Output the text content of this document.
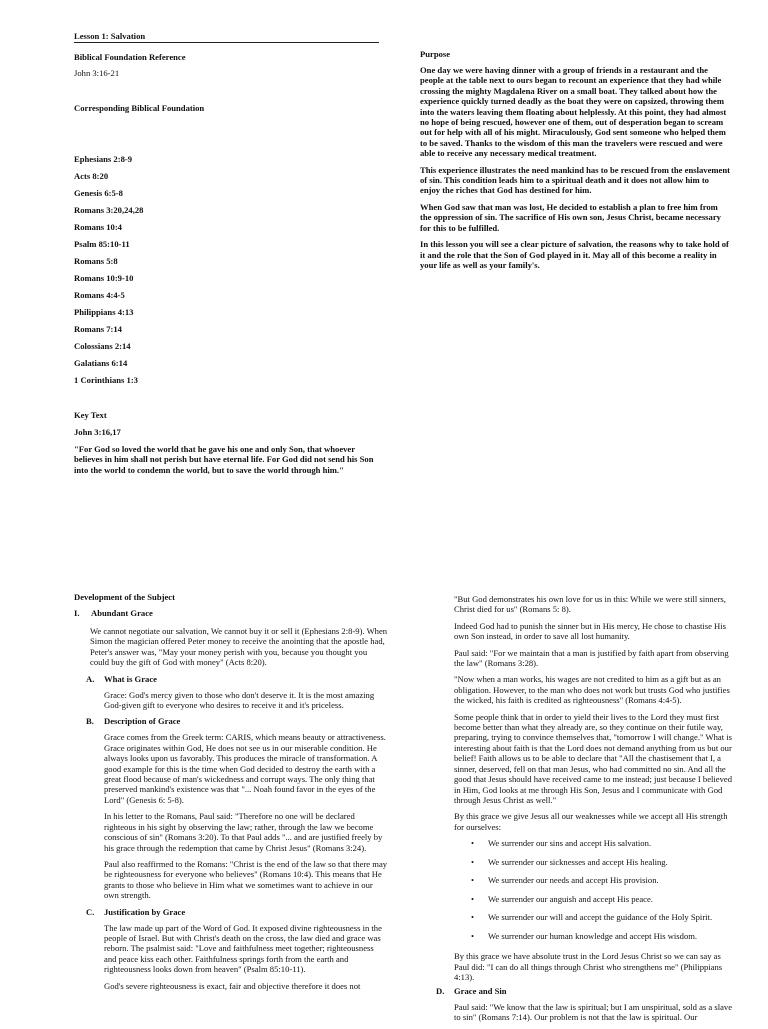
Lesson 1: Salvation
Biblical Foundation Reference
John 3:16-21
Corresponding Biblical Foundation
Ephesians 2:8-9
Acts 8:20
Genesis 6:5-8
Romans 3:20,24,28
Romans 10:4
Psalm 85:10-11
Romans 5:8
Romans 10:9-10
Romans 4:4-5
Philippians 4:13
Romans 7:14
Colossians 2:14
Galatians 6:14
1 Corinthians 1:3
Key Text
John 3:16,17
"For God so loved the world that he gave his one and only Son, that whoever believes in him shall not perish but have eternal life. For God did not send his Son into the world to condemn the world, but to save the world through him."
Purpose

One day we were having dinner with a group of friends in a restaurant and the people at the table next to ours began to recount an experience that they had while crossing the mighty Magdalena River on a small boat. They talked about how the experience quickly turned deadly as the boat they were on capsized, throwing them into the waters leaving them floating about helplessly. At this point, they had almost no hope of being rescued, however one of them, out of desperation began to scream out for help with all of his might. Miraculously, God sent someone who helped them to be saved. Thanks to the wisdom of this man the travelers were rescued and were able to receive any necessary medical treatment.

This experience illustrates the need mankind has to be rescued from the enslavement of sin. This condition leads him to a spiritual death and it does not allow him to enjoy the riches that God has destined for him.

When God saw that man was lost, He decided to establish a plan to free him from the oppression of sin. The sacrifice of His own son, Jesus Christ, became necessary for this to be fulfilled.

In this lesson you will see a clear picture of salvation, the reasons why to take hold of it and the role that the Son of God played in it. May all of this become a reality in your life as well as your family's.

Development of the Subject
I. Abundant Grace

We cannot negotiate our salvation, We cannot buy it or sell it (Ephesians 2:8-9). When Simon the magician offered Peter money to receive the anointing that the apostle had, Peter's answer was, "May your money perish with you, because you thought you could buy the gift of God with money" (Acts 8:20).

A. What is Grace

Grace: God's mercy given to those who don't deserve it. It is the most amazing God-given gift to everyone who desires to receive it and it's priceless.

B. Description of Grace

Grace comes from the Greek term: CARIS, which means beauty or attractiveness. Grace originates within God, He does not see us in our miserable condition. He always looks upon us favorably. This produces the miracle of transformation. A good example for this is the time when God decided to destroy the earth with a great flood because of man's wickedness and corrupt ways. The only thing that preserved mankind's existence was that "... Noah found favor in the eyes of the Lord" (Genesis 6: 5-8).

In his letter to the Romans, Paul said: "Therefore no one will be declared righteous in his sight by observing the law; rather, through the law we become conscious of sin" (Romans 3:20). To that Paul adds "... and are justified freely by his grace through the redemption that came by Christ Jesus" (Romans 3:24).

Paul also reaffirmed to the Romans: "Christ is the end of the law so that there may be righteousness for everyone who believes" (Romans 10:4). This means that He grants to those who believe in Him what we sometimes want to achieve in our own strength.

C. Justification by Grace

The law made up part of the Word of God. It exposed divine righteousness in the people of Israel. But with Christ's death on the cross, the law died and grace was reborn. The psalmist said: "Love and faithfulness meet together; righteousness and peace kiss each other. Faithfulness springs forth from the earth and righteousness looks down from heaven" (Psalm 85:10-11).

God's severe righteousness is exact, fair and objective therefore it does not

"But God demonstrates his own love for us in this: While we were still sinners, Christ died for us" (Romans 5: 8).

Indeed God had to punish the sinner but in His mercy, He chose to chastise His own Son instead, in order to save all lost humanity.

Paul said: "For we maintain that a man is justified by faith apart from observing the law" (Romans 3:28).

"Now when a man works, his wages are not credited to him as a gift but as an obligation. However, to the man who does not work but trusts God who justifies the wicked, his faith is credited as righteousness" (Romans 4:4-5).

Some people think that in order to yield their lives to the Lord they must first become better than what they already are, so they continue on their futile way, preparing, trying to convince themselves that, "tomorrow I will change." What is interesting about faith is that the Lord does not demand anything from us but our belief! Faith allows us to be able to declare that "All the chastisement that I, a sinner, deserved, fell on that man Jesus, who had committed no sin. And all the good that Jesus should have received came to me instead; just because I believed in Him, God looks at me through His Son, Jesus and I communicate with God through Jesus Christ as well."

By this grace we give Jesus all our weaknesses while we accept all His strength for ourselves:

• We surrender our sins and accept His salvation.
• We surrender our sicknesses and accept His healing.
• We surrender our needs and accept His provision.
• We surrender our anguish and accept His peace.
• We surrender our will and accept the guidance of the Holy Spirit.
• We surrender our human knowledge and accept His wisdom.

By this grace we have absolute trust in the Lord Jesus Christ so we can say as Paul did: "I can do all things through Christ who strengthens me" (Philippians 4:13).

D. Grace and Sin

Paul said: "We know that the law is spiritual; but I am unspiritual, sold as a slave to sin" (Romans 7:14). Our problem is not that the law is spiritual. Our
